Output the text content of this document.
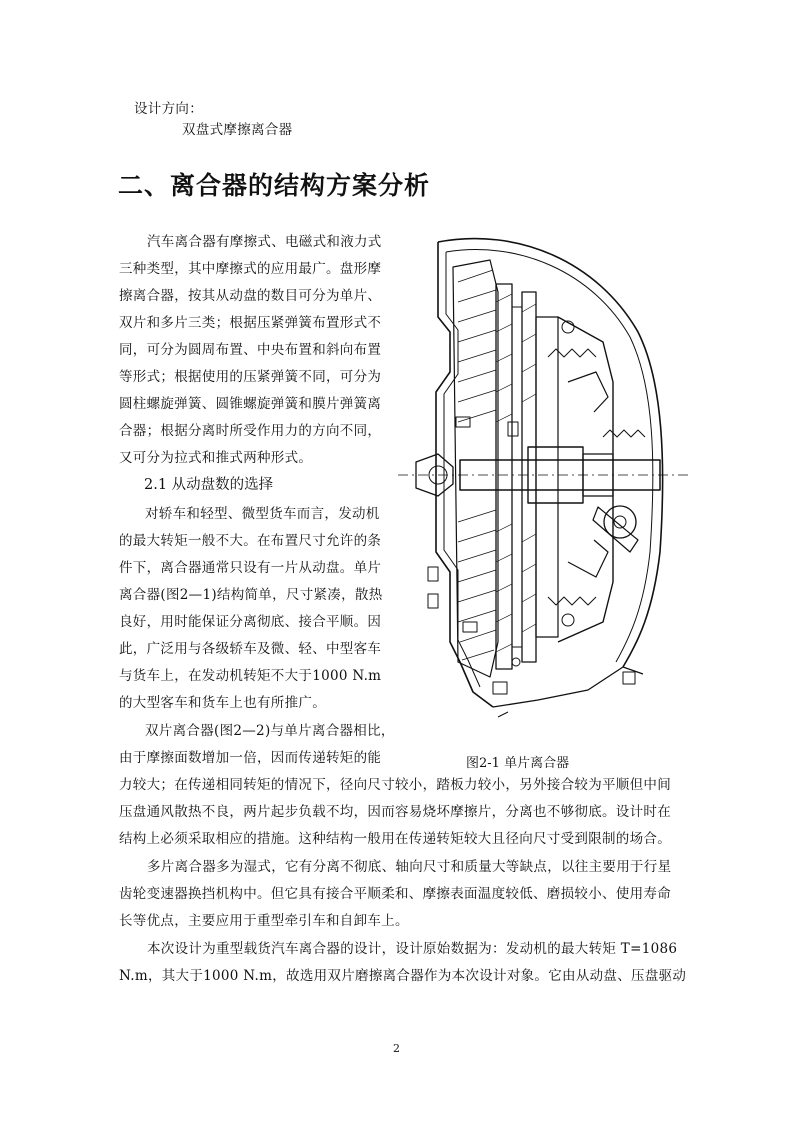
设计方向：
双盘式摩擦离合器
二、离合器的结构方案分析
汽车离合器有摩擦式、电磁式和液力式
三种类型，其中摩擦式的应用最广。盘形摩
擦离合器，按其从动盘的数目可分为单片、
双片和多片三类；根据压紧弹簧布置形式不
同，可分为圆周布置、中央布置和斜向布置
等形式；根据使用的压紧弹簧不同，可分为
圆柱螺旋弹簧、圆锥螺旋弹簧和膜片弹簧离
合器；根据分离时所受作用力的方向不同，
又可分为拉式和推式两种形式。
2.1 从动盘数的选择
对轿车和轻型、微型货车而言，发动机
的最大转矩一般不大。在布置尺寸允许的条
件下，离合器通常只设有一片从动盘。单片
离合器(图2—1)结构简单，尺寸紧凑，散热
良好，用时能保证分离彻底、接合平顺。因
此，广泛用与各级轿车及微、轻、中型客车
与货车上，在发动机转矩不大于1000 N.m
的大型客车和货车上也有所推广。
双片离合器(图2—2)与单片离合器相比，
由于摩擦面数增加一倍，因而传递转矩的能	图2-1 单片离合器
力较大；在传递相同转矩的情况下，径向尺寸较小，踏板力较小，另外接合较为平顺但中间
压盘通风散热不良，两片起步负载不均，因而容易烧坏摩擦片，分离也不够彻底。设计时在
结构上必须采取相应的措施。这种结构一般用在传递转矩较大且径向尺寸受到限制的场合。
多片离合器多为湿式，它有分离不彻底、轴向尺寸和质量大等缺点，以往主要用于行星
齿轮变速器换挡机构中。但它具有接合平顺柔和、摩擦表面温度较低、磨损较小、使用寿命
长等优点，主要应用于重型牵引车和自卸车上。
本次设计为重型载货汽车离合器的设计，设计原始数据为：发动机的最大转矩 T=1086
N.m，其大于1000 N.m，故选用双片磨擦离合器作为本次设计对象。它由从动盘、压盘驱动
2
